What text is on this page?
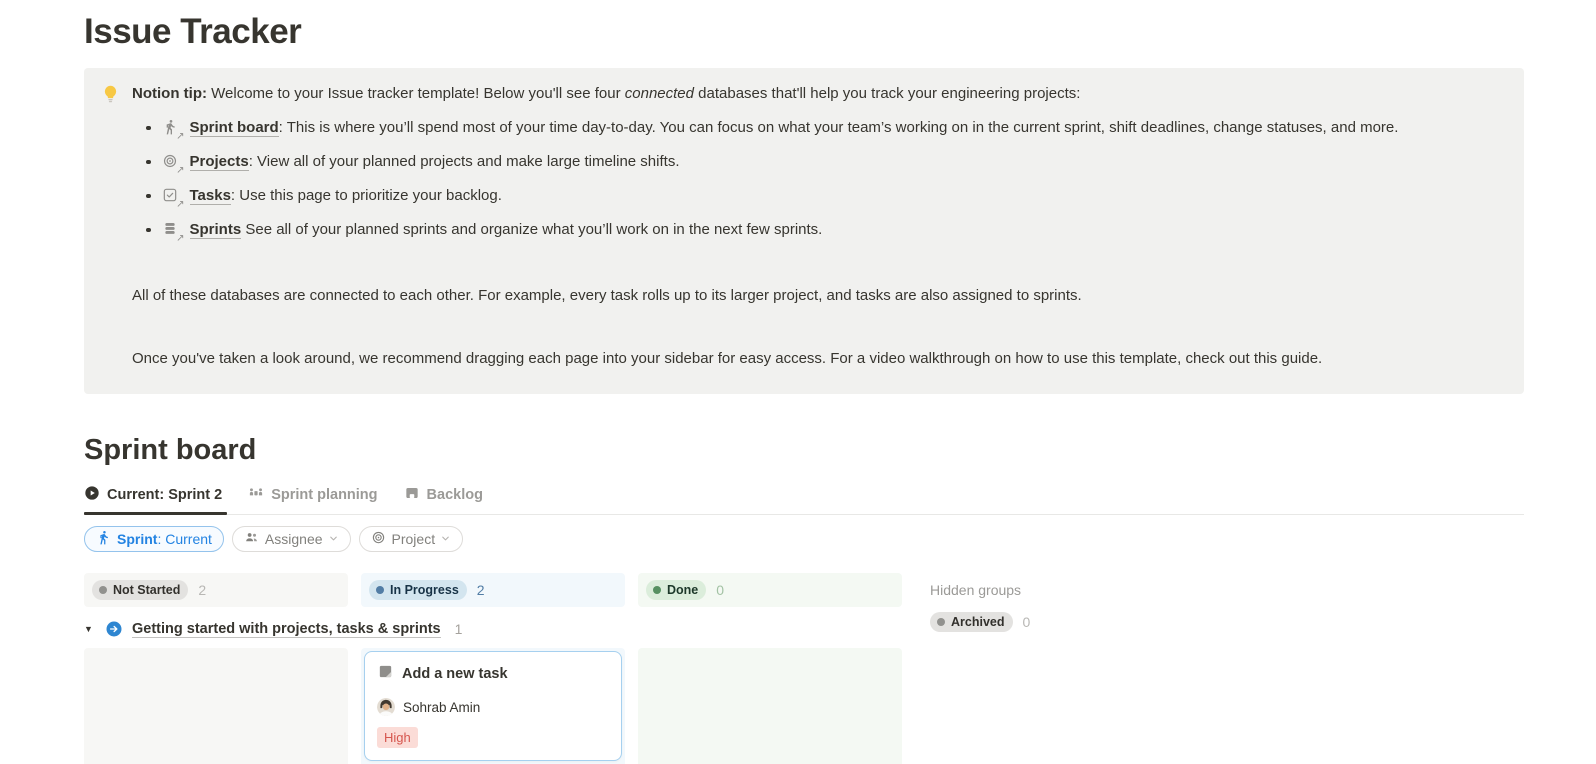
Issue Tracker

Notion tip: Welcome to your Issue tracker template! Below you'll see four connected databases that'll help you track your engineering projects:

↗ Sprint board: This is where you’ll spend most of your time day-to-day. You can focus on what your team’s working on in the current sprint, shift deadlines, change statuses, and more.
↗ Projects: View all of your planned projects and make large timeline shifts.
↗ Tasks: Use this page to prioritize your backlog.
↗ Sprints See all of your planned sprints and organize what you’ll work on in the next few sprints.

All of these databases are connected to each other. For example, every task rolls up to its larger project, and tasks are also assigned to sprints.

Once you've taken a look around, we recommend dragging each page into your sidebar for easy access. For a video walkthrough on how to use this template, check out this guide.

Sprint board
Current: Sprint 2	Sprint planning	Backlog
Sprint: Current	Assignee	Project
Not Started 2	In Progress 2	Done 0	Hidden groups
Archived 0
▼	Getting started with projects, tasks & sprints 1
Add a new task
Sohrab Amin
High
